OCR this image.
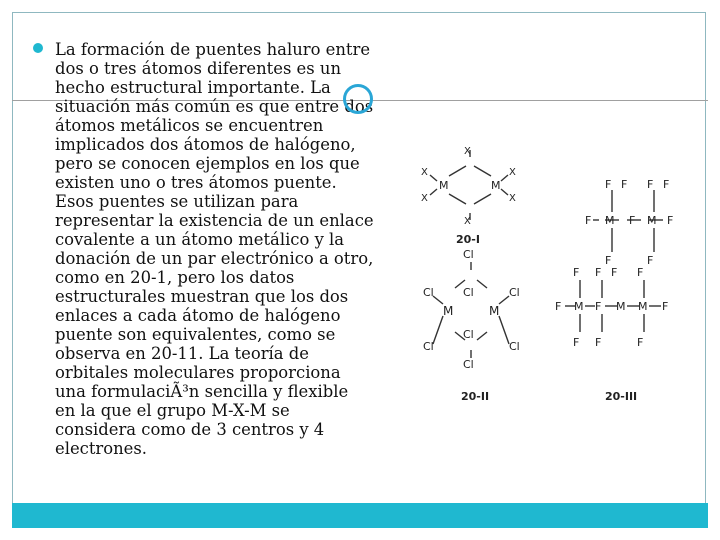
La formación de puentes haluro entre
dos o tres átomos diferentes es un
hecho estructural importante. La
situación más común es que entre dos
átomos metálicos se encuentren
implicados dos átomos de halógeno,
pero se conocen ejemplos en los que
existen uno o tres átomos puente.
Esos puentes se utilizan para
representar la existencia de un enlace
covalente a un átomo metálico y la
donación de un par electrónico a otro,
como en 20-1, pero los datos
estructurales muestran que los dos
enlaces a cada átomo de halógeno
puente son equivalentes, como se
observa en 20-11. La teoría de
orbitales moleculares proporciona
una formulaciÃ³n sencilla y flexible
en la que el grupo M-X-M se
considera como de 3 centros y 4
electrones.

X
X
X
M	M
X
X
X
20-I
Cl
Cl	Cl	Cl
M	M
Cl
Cl
Cl
Cl
20-II
F F F F
F M F M F
F	F
F F F F
F M F M M F
F F	F
20-III
